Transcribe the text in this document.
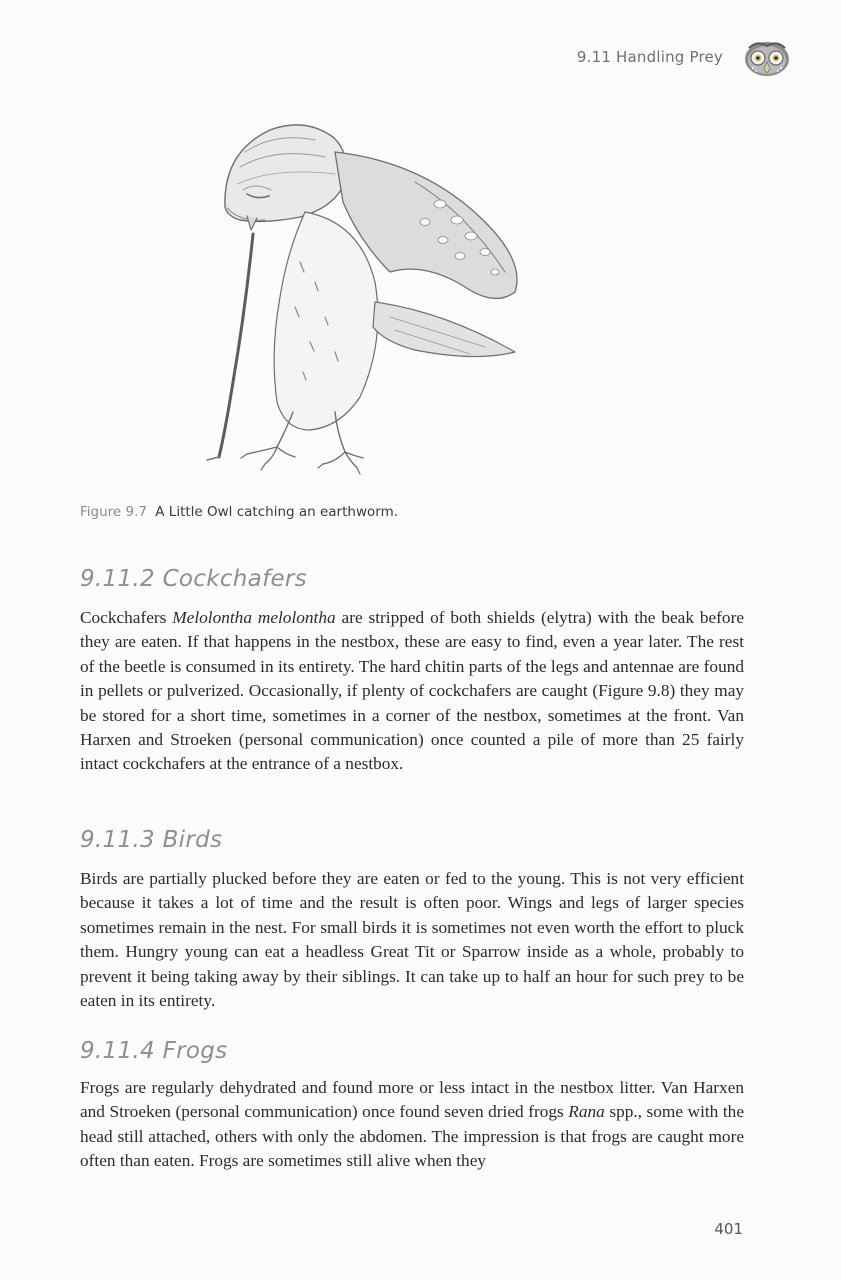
9.11 Handling Prey
Figure 9.7 A Little Owl catching an earthworm.
9.11.2 Cockchafers

Cockchafers Melolontha melolontha are stripped of both shields (elytra) with the beak before they are eaten. If that happens in the nestbox, these are easy to find, even a year later. The rest of the beetle is consumed in its entirety. The hard chitin parts of the legs and antennae are found in pellets or pulverized. Occasionally, if plenty of cockchafers are caught (Figure 9.8) they may be stored for a short time, sometimes in a corner of the nestbox, sometimes at the front. Van Harxen and Stroeken (personal communication) once counted a pile of more than 25 fairly intact cockchafers at the entrance of a nestbox.

9.11.3 Birds

Birds are partially plucked before they are eaten or fed to the young. This is not very efficient because it takes a lot of time and the result is often poor. Wings and legs of larger species sometimes remain in the nest. For small birds it is sometimes not even worth the effort to pluck them. Hungry young can eat a headless Great Tit or Sparrow inside as a whole, probably to prevent it being taking away by their siblings. It can take up to half an hour for such prey to be eaten in its entirety.

9.11.4 Frogs

Frogs are regularly dehydrated and found more or less intact in the nestbox litter. Van Harxen and Stroeken (personal communication) once found seven dried frogs Rana spp., some with the head still attached, others with only the abdomen. The impression is that frogs are caught more often than eaten. Frogs are sometimes still alive when they

401
